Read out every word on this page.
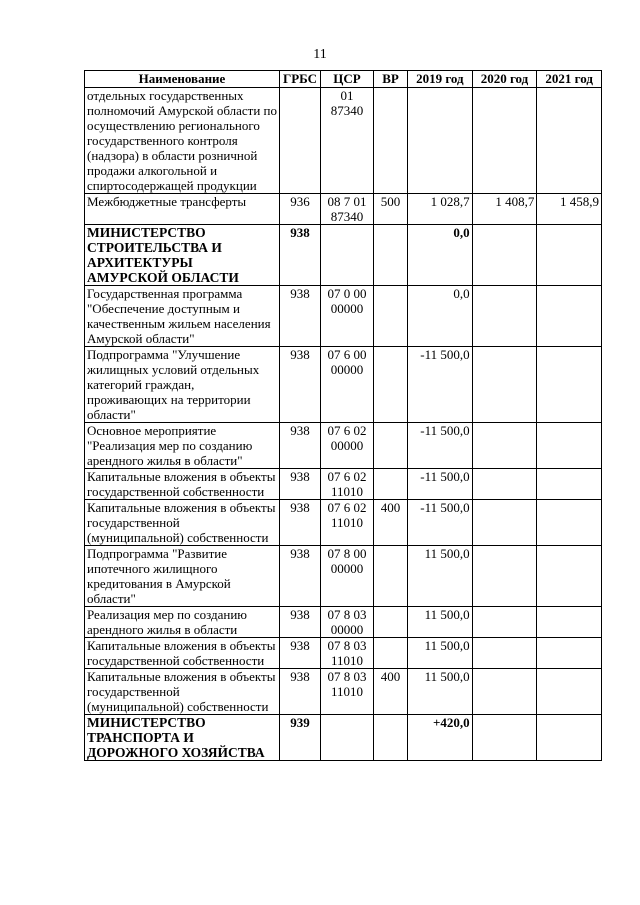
11
Наименование	ГРБС	ЦСР	ВР	2019 год	2020 год	2021 год
отдельных государственных полномочий Амурской области по осуществлению регионального государственного контроля (надзора) в области розничной продажи алкогольной и спиртосодержащей продукции		01 87340				
Межбюджетные трансферты	936	08 7 01 87340	500	1 028,7	1 408,7	1 458,9
МИНИСТЕРСТВО СТРОИТЕЛЬСТВА И АРХИТЕКТУРЫ АМУРСКОЙ ОБЛАСТИ	938			0,0		
Государственная программа "Обеспечение доступным и качественным жильем населения Амурской области"	938	07 0 00 00000		0,0		
Подпрограмма "Улучшение жилищных условий отдельных категорий граждан, проживающих на территории области"	938	07 6 00 00000		-11 500,0		
Основное мероприятие "Реализация мер по созданию арендного жилья в области"	938	07 6 02 00000		-11 500,0		
Капитальные вложения в объекты государственной собственности	938	07 6 02 11010		-11 500,0		
Капитальные вложения в объекты государственной (муниципальной) собственности	938	07 6 02 11010	400	-11 500,0		
Подпрограмма "Развитие ипотечного жилищного кредитования в Амурской области"	938	07 8 00 00000		11 500,0		
Реализация мер по созданию арендного жилья в области	938	07 8 03 00000		11 500,0		
Капитальные вложения в объекты государственной собственности	938	07 8 03 11010		11 500,0		
Капитальные вложения в объекты государственной (муниципальной) собственности	938	07 8 03 11010	400	11 500,0		
МИНИСТЕРСТВО ТРАНСПОРТА И ДОРОЖНОГО ХОЗЯЙСТВА	939			+420,0		
